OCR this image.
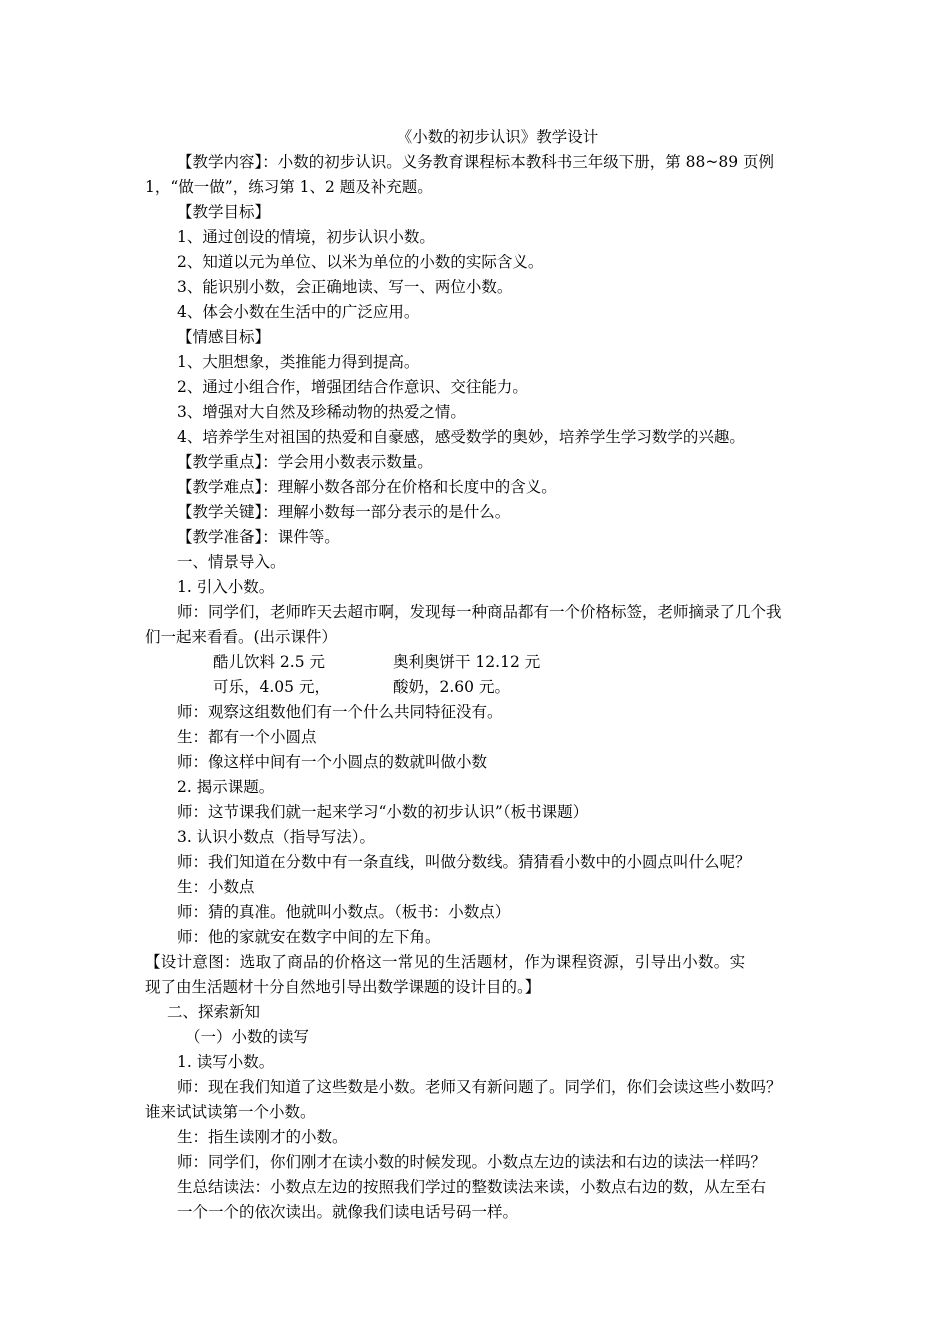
《小数的初步认识》教学设计
【教学内容】：小数的初步认识。义务教育课程标本教科书三年级下册，第 88~89 页例
1，“做一做”，练习第 1、2 题及补充题。
【教学目标】
1、通过创设的情境，初步认识小数。
2、知道以元为单位、以米为单位的小数的实际含义。
3、能识别小数，会正确地读、写一、两位小数。
4、体会小数在生活中的广泛应用。
【情感目标】
1、大胆想象，类推能力得到提高。
2、通过小组合作，增强团结合作意识、交往能力。
3、增强对大自然及珍稀动物的热爱之情。
4、培养学生对祖国的热爱和自豪感，感受数学的奥妙，培养学生学习数学的兴趣。
【教学重点】：学会用小数表示数量。
【教学难点】：理解小数各部分在价格和长度中的含义。
【教学关键】：理解小数每一部分表示的是什么。
【教学准备】：课件等。
一、情景导入。
1. 引入小数。
师：同学们，老师昨天去超市啊，发现每一种商品都有一个价格标签，老师摘录了几个我
们一起来看看。(出示课件）
酷儿饮料 2.5 元	奥利奥饼干 12.12 元
可乐，4.05 元，	酸奶，2.60 元。
师：观察这组数他们有一个什么共同特征没有。
生：都有一个小圆点
师：像这样中间有一个小圆点的数就叫做小数
2. 揭示课题。
师：这节课我们就一起来学习“小数的初步认识”（板书课题）
3. 认识小数点（指导写法）。
师：我们知道在分数中有一条直线，叫做分数线。猜猜看小数中的小圆点叫什么呢？
生：小数点
师：猜的真准。他就叫小数点。（板书：小数点）
师：他的家就安在数字中间的左下角。
【设计意图：选取了商品的价格这一常见的生活题材，作为课程资源，引导出小数。实
现了由生活题材十分自然地引导出数学课题的设计目的。】
二、探索新知
（一）小数的读写
1. 读写小数。
师：现在我们知道了这些数是小数。老师又有新问题了。同学们，你们会读这些小数吗？
谁来试试读第一个小数。
生：指生读刚才的小数。
师：同学们，你们刚才在读小数的时候发现。小数点左边的读法和右边的读法一样吗？
生总结读法：小数点左边的按照我们学过的整数读法来读，小数点右边的数，从左至右
一个一个的依次读出。就像我们读电话号码一样。
